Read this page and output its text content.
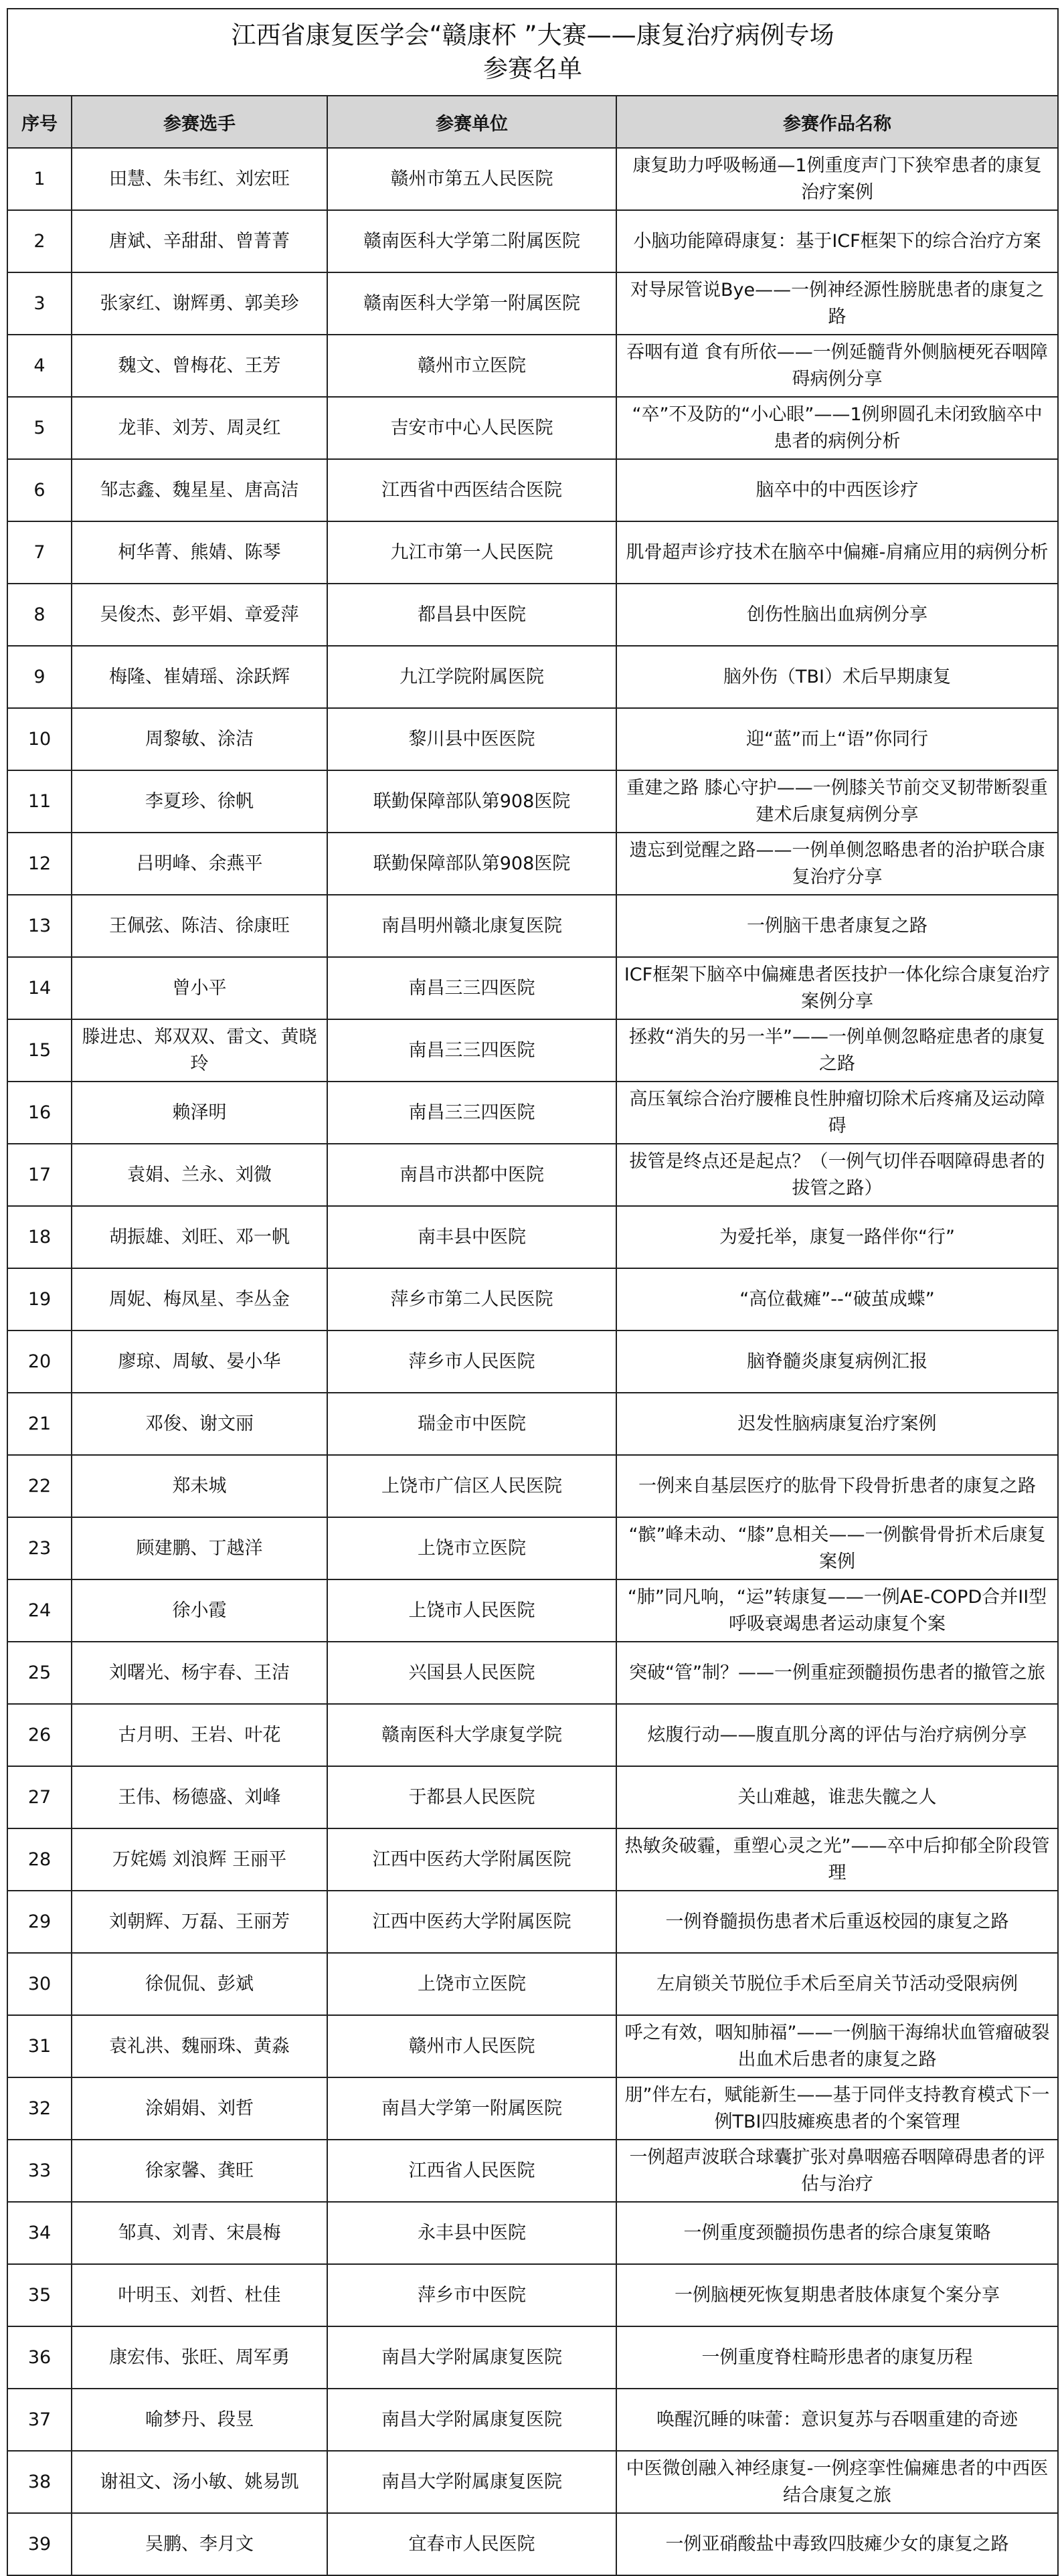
江西省康复医学会“赣康杯 ”大赛——康复治疗病例专场
参赛名单			

序号	参赛选手	参赛单位	参赛作品名称
1	田慧、朱韦红、刘宏旺	赣州市第五人民医院	康复助力呼吸畅通—1例重度声门下狭窄患者的康复治疗案例
2	唐斌、辛甜甜、曾菁菁	赣南医科大学第二附属医院	小脑功能障碍康复：基于ICF框架下的综合治疗方案
3	张家红、谢辉勇、郭美珍	赣南医科大学第一附属医院	对导尿管说Bye——一例神经源性膀胱患者的康复之路
4	魏文、曾梅花、王芳	赣州市立医院	吞咽有道 食有所依——一例延髓背外侧脑梗死吞咽障碍病例分享
5	龙菲、刘芳、周灵红	吉安市中心人民医院	“卒”不及防的“小心眼”——1例卵圆孔未闭致脑卒中患者的病例分析
6	邹志鑫、魏星星、唐高洁	江西省中西医结合医院	脑卒中的中西医诊疗
7	柯华菁、熊婧、陈琴	九江市第一人民医院	肌骨超声诊疗技术在脑卒中偏瘫-肩痛应用的病例分析
8	吴俊杰、彭平娟、章爱萍	都昌县中医院	创伤性脑出血病例分享
9	梅隆、崔婧瑶、涂跃辉	九江学院附属医院	脑外伤（TBI）术后早期康复
10	周黎敏、涂洁	黎川县中医医院	迎“蓝”而上“语”你同行
11	李夏珍、徐帆	联勤保障部队第908医院	重建之路 膝心守护——一例膝关节前交叉韧带断裂重建术后康复病例分享
12	吕明峰、余燕平	联勤保障部队第908医院	遗忘到觉醒之路——一例单侧忽略患者的治护联合康复治疗分享
13	王佩弦、陈洁、徐康旺	南昌明州赣北康复医院	一例脑干患者康复之路
14	曾小平	南昌三三四医院	ICF框架下脑卒中偏瘫患者医技护一体化综合康复治疗案例分享
15	滕进忠、郑双双、雷文、黄晓玲	南昌三三四医院	拯救“消失的另一半”——一例单侧忽略症患者的康复之路
16	赖泽明	南昌三三四医院	高压氧综合治疗腰椎良性肿瘤切除术后疼痛及运动障碍
17	袁娟、兰永、刘微	南昌市洪都中医院	拔管是终点还是起点？（一例气切伴吞咽障碍患者的拔管之路）
18	胡振雄、刘旺、邓一帆	南丰县中医院	为爱托举，康复一路伴你“行”
19	周妮、梅凤星、李丛金	萍乡市第二人民医院	“高位截瘫”--“破茧成蝶”
20	廖琼、周敏、晏小华	萍乡市人民医院	脑脊髓炎康复病例汇报
21	邓俊、谢文丽	瑞金市中医院	迟发性脑病康复治疗案例
22	郑未城	上饶市广信区人民医院	一例来自基层医疗的肱骨下段骨折患者的康复之路
23	顾建鹏、丁越洋	上饶市立医院	“髌”峰未动、“膝”息相关——一例髌骨骨折术后康复案例
24	徐小霞	上饶市人民医院	“肺”同凡响，“运”转康复——一例AE-COPD合并II型呼吸衰竭患者运动康复个案
25	刘曙光、杨宇春、王洁	兴国县人民医院	突破“管”制？——一例重症颈髓损伤患者的撤管之旅
26	古月明、王岩、叶花	赣南医科大学康复学院	炫腹行动——腹直肌分离的评估与治疗病例分享
27	王伟、杨德盛、刘峰	于都县人民医院	关山难越，谁悲失髋之人
28	万姹嫣 刘浪辉 王丽平	江西中医药大学附属医院	热敏灸破霾，重塑心灵之光”——卒中后抑郁全阶段管理
29	刘朝辉、万磊、王丽芳	江西中医药大学附属医院	一例脊髓损伤患者术后重返校园的康复之路
30	徐侃侃、彭斌	上饶市立医院	左肩锁关节脱位手术后至肩关节活动受限病例
31	袁礼洪、魏丽珠、黄淼	赣州市人民医院	呼之有效，咽知肺福”——一例脑干海绵状血管瘤破裂出血术后患者的康复之路
32	涂娟娟、刘哲	南昌大学第一附属医院	朋”伴左右，赋能新生——基于同伴支持教育模式下一例TBI四肢瘫痪患者的个案管理
33	徐家馨、龚旺	江西省人民医院	一例超声波联合球囊扩张对鼻咽癌吞咽障碍患者的评估与治疗
34	邹真、刘青、宋晨梅	永丰县中医院	一例重度颈髓损伤患者的综合康复策略
35	叶明玉、刘哲、杜佳	萍乡市中医院	一例脑梗死恢复期患者肢体康复个案分享
36	康宏伟、张旺、周军勇	南昌大学附属康复医院	一例重度脊柱畸形患者的康复历程
37	喻梦丹、段昱	南昌大学附属康复医院	唤醒沉睡的味蕾：意识复苏与吞咽重建的奇迹
38	谢祖文、汤小敏、姚易凯	南昌大学附属康复医院	中医微创融入神经康复-一例痉挛性偏瘫患者的中西医结合康复之旅
39	吴鹏、李月文	宜春市人民医院	一例亚硝酸盐中毒致四肢瘫少女的康复之路
